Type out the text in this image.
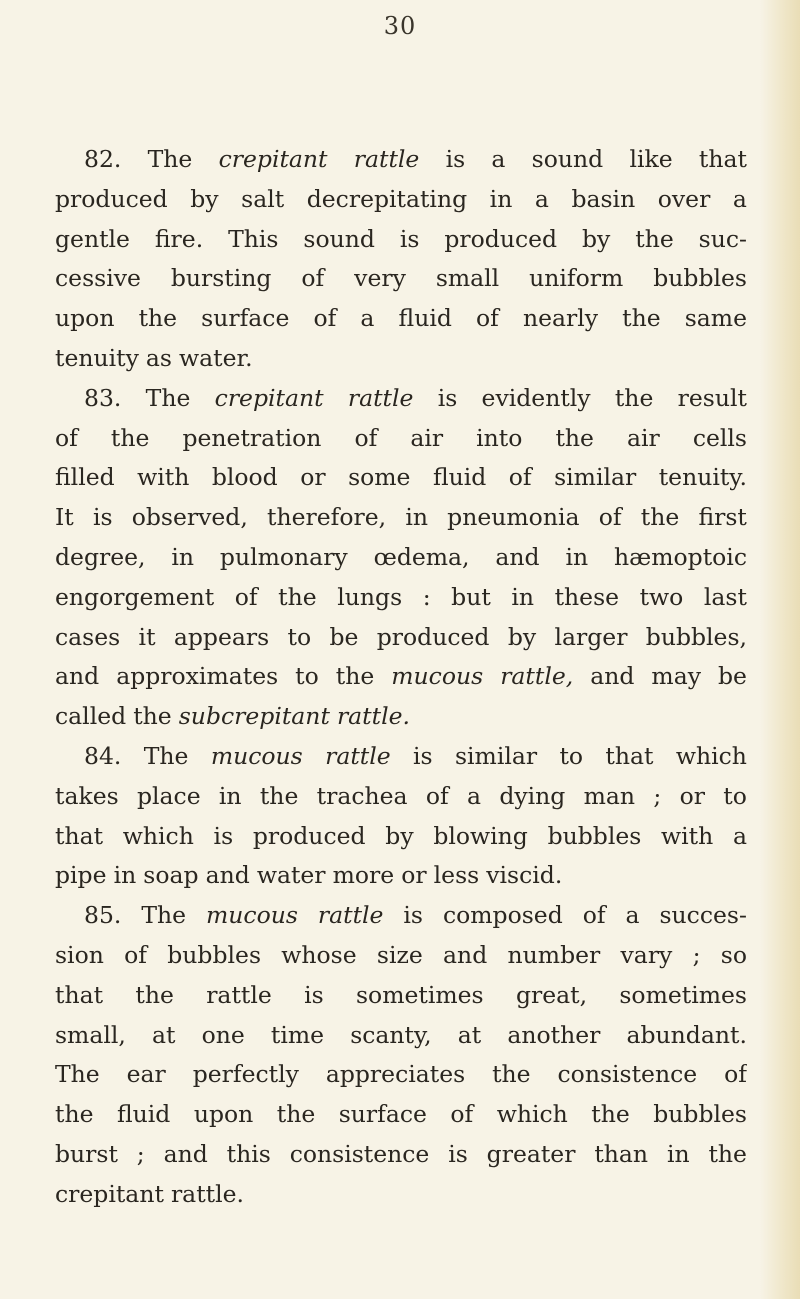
30
82. The crepitant rattle is a sound like that
produced by salt decrepitating in a basin over a
gentle fire. This sound is produced by the suc-
cessive bursting of very small uniform bubbles
upon the surface of a fluid of nearly the same
tenuity as water.
83. The crepitant rattle is evidently the result
of the penetration of air into the air cells
filled with blood or some fluid of similar tenuity.
It is observed, therefore, in pneumonia of the first
degree, in pulmonary œdema, and in hæmoptoic
engorgement of the lungs : but in these two last
cases it appears to be produced by larger bubbles,
and approximates to the mucous rattle, and may be
called the subcrepitant rattle.
84. The mucous rattle is similar to that which
takes place in the trachea of a dying man ; or to
that which is produced by blowing bubbles with a
pipe in soap and water more or less viscid.
85. The mucous rattle is composed of a succes-
sion of bubbles whose size and number vary ; so
that the rattle is sometimes great, sometimes
small, at one time scanty, at another abundant.
The ear perfectly appreciates the consistence of
the fluid upon the surface of which the bubbles
burst ; and this consistence is greater than in the
crepitant rattle.
